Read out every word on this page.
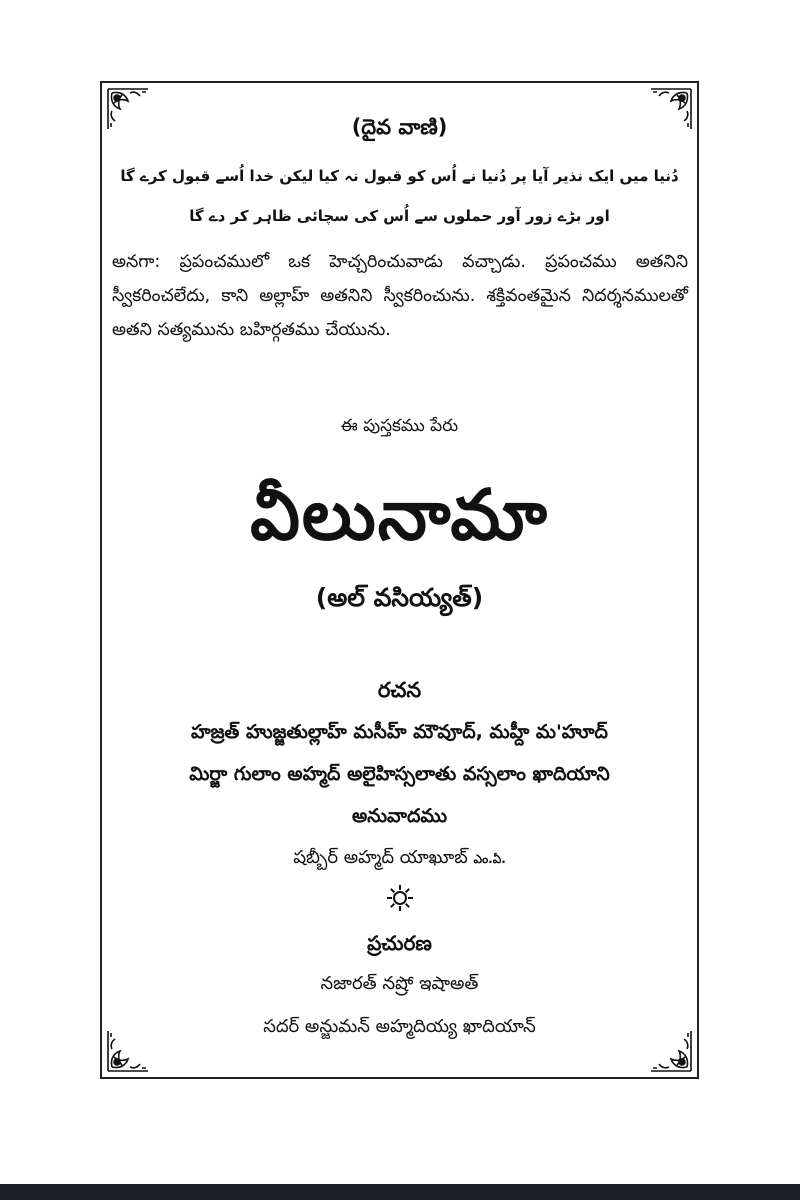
(దైవ వాణి)
دُنیا میں ایک نذیر آیا پر دُنیا نے اُس کو قبول نہ کیا لیکن خدا اُسے قبول کرے گا
اور بڑے زور آور حملوں سے اُس کی سچائی ظاہر کر دے گا

అనగా: ప్రపంచములో ఒక హెచ్చరించువాడు వచ్చాడు. ప్రపంచము అతనిని స్వీకరించలేదు, కాని అల్లాహ్ అతనిని స్వీకరించును. శక్తివంతమైన నిదర్శనములతో అతని సత్యమును బహిర్గతము చేయును.

ఈ పుస్తకము పేరు
వీలునామా
(అల్ వసియ్యత్)
రచన
హజ్రత్ హుజ్జతుల్లాహ్ మసీహ్ మౌవూద్, మహ్దీ మ'హూద్
మిర్జా గులాం అహ్మద్ అలైహిస్సలాతు వస్సలాం ఖాదియాని
అనువాదము
షబ్బీర్ అహ్మద్ యాఖూబ్ ఎం.ఏ.
ప్రచురణ
నజారత్ నష్రో ఇషాఅత్
సదర్ అన్జుమన్ అహ్మదియ్య ఖాదియాన్
